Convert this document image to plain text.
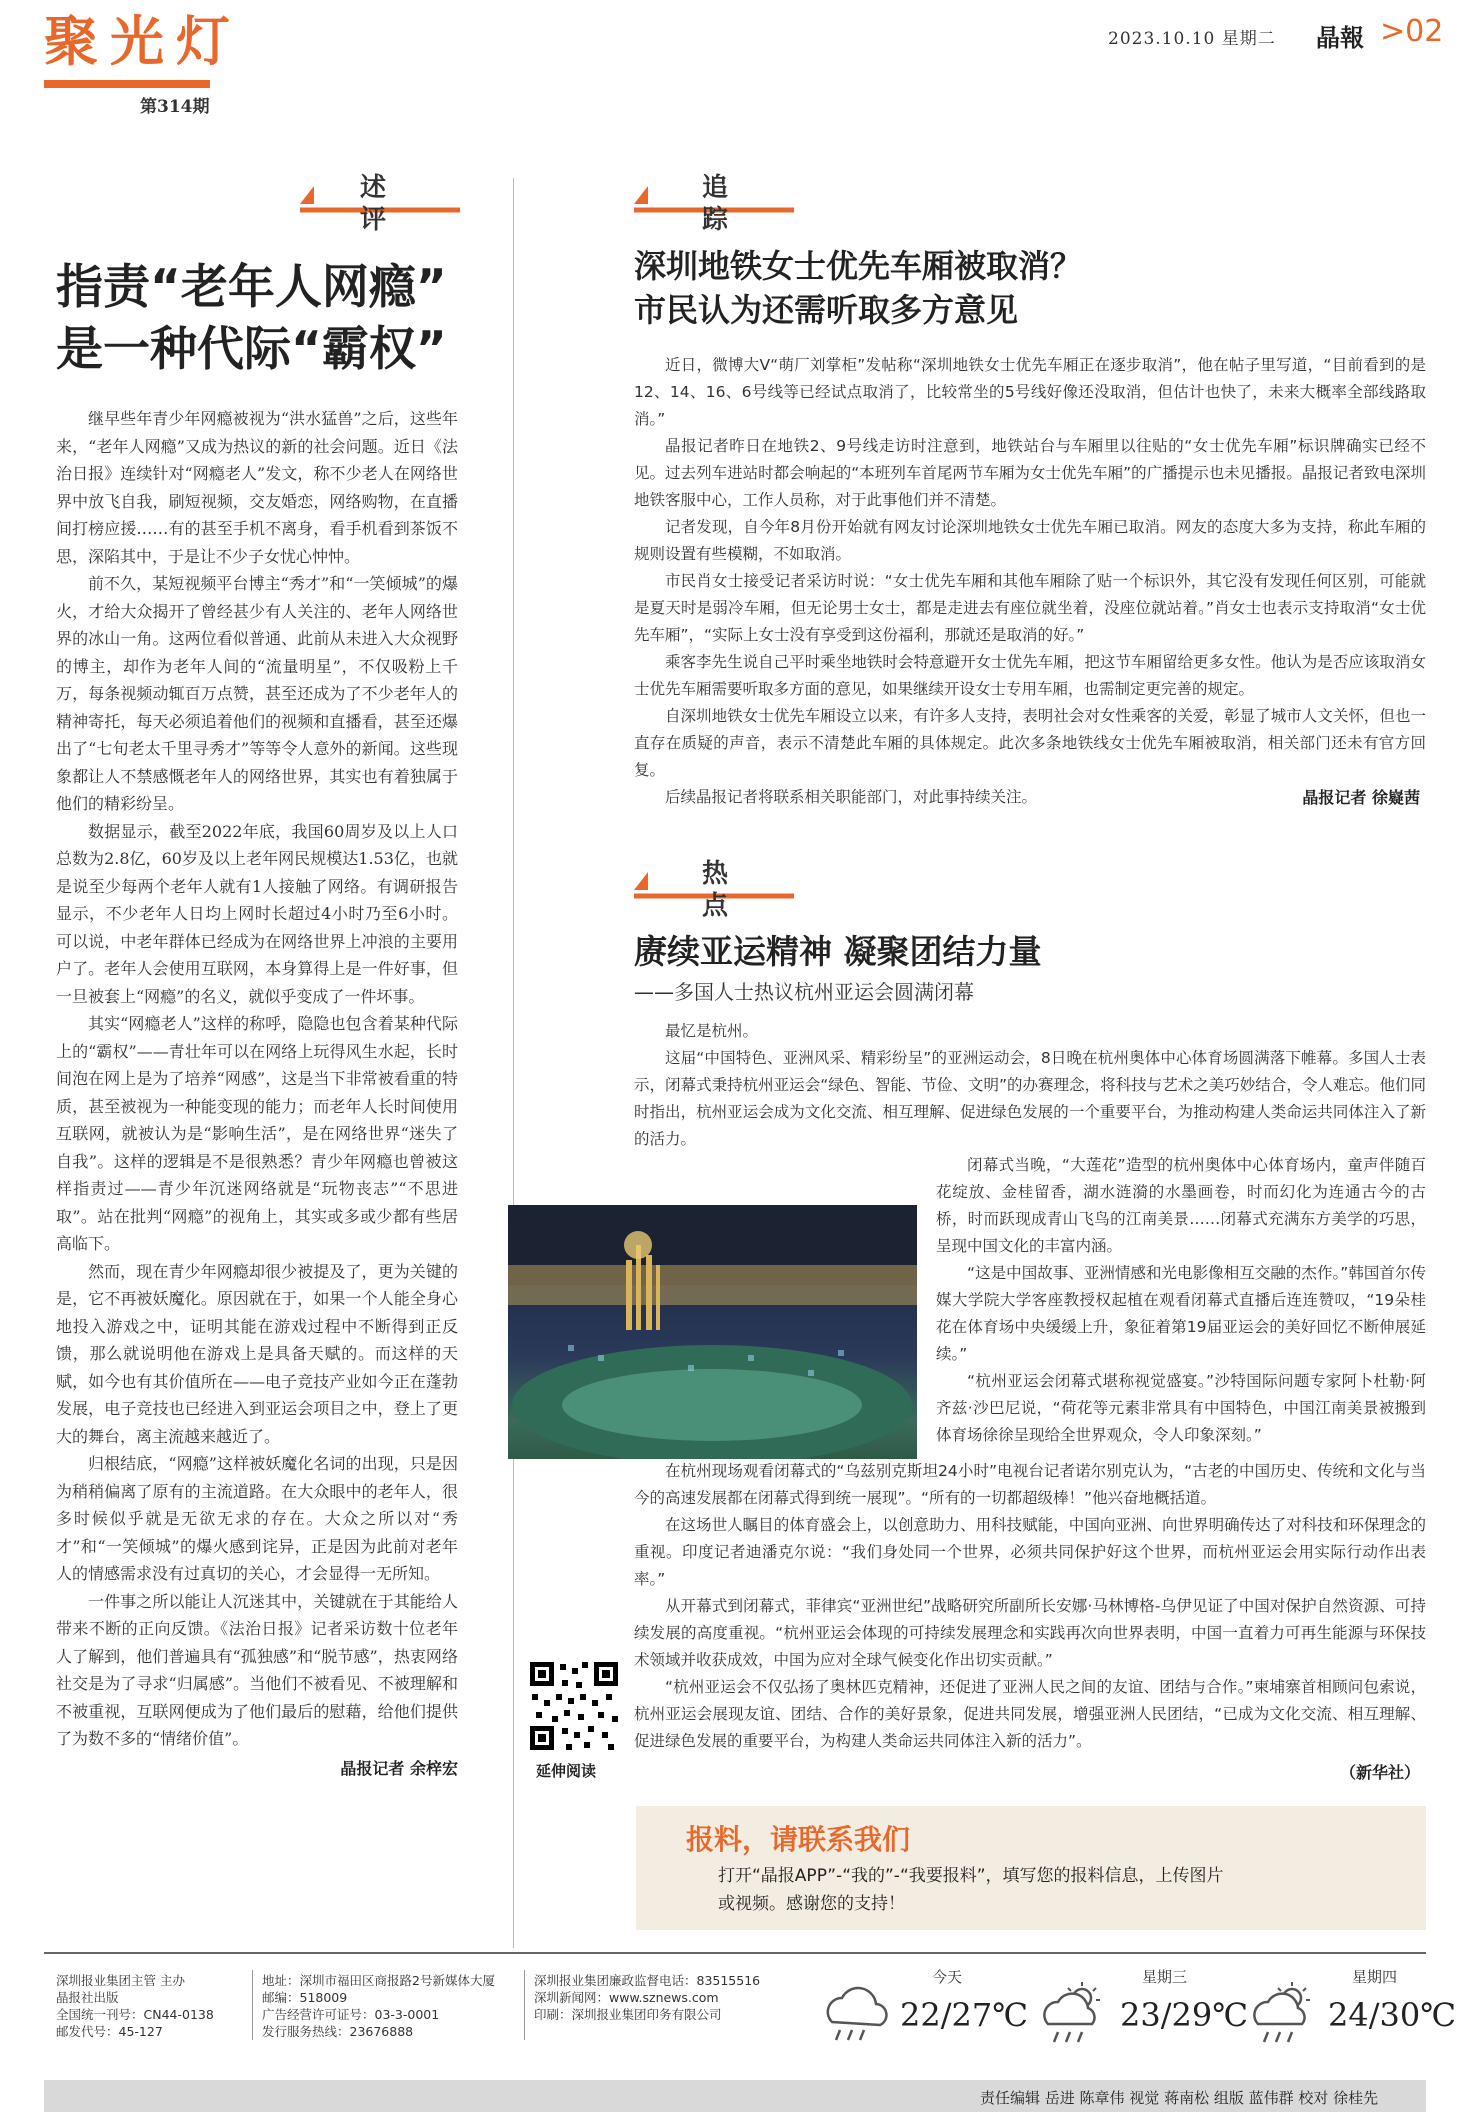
聚光灯
第314期
2023.10.10 星期二 晶報 >02
述 评
指责“老年人网瘾”
是一种代际“霸权”

继早些年青少年网瘾被视为“洪水猛兽”之后，这些年来，“老年人网瘾”又成为热议的新的社会问题。近日《法治日报》连续针对“网瘾老人”发文，称不少老人在网络世界中放飞自我，刷短视频，交友婚恋，网络购物，在直播间打榜应援……有的甚至手机不离身，看手机看到茶饭不思，深陷其中，于是让不少子女忧心忡忡。

前不久，某短视频平台博主“秀才”和“一笑倾城”的爆火，才给大众揭开了曾经甚少有人关注的、老年人网络世界的冰山一角。这两位看似普通、此前从未进入大众视野的博主，却作为老年人间的“流量明星”，不仅吸粉上千万，每条视频动辄百万点赞，甚至还成为了不少老年人的精神寄托，每天必须追着他们的视频和直播看，甚至还爆出了“七旬老太千里寻秀才”等等令人意外的新闻。这些现象都让人不禁感慨老年人的网络世界，其实也有着独属于他们的精彩纷呈。

数据显示，截至2022年底，我国60周岁及以上人口总数为2.8亿，60岁及以上老年网民规模达1.53亿，也就是说至少每两个老年人就有1人接触了网络。有调研报告显示，不少老年人日均上网时长超过4小时乃至6小时。可以说，中老年群体已经成为在网络世界上冲浪的主要用户了。老年人会使用互联网，本身算得上是一件好事，但一旦被套上“网瘾”的名义，就似乎变成了一件坏事。

其实“网瘾老人”这样的称呼，隐隐也包含着某种代际上的“霸权”——青壮年可以在网络上玩得风生水起，长时间泡在网上是为了培养“网感”，这是当下非常被看重的特质，甚至被视为一种能变现的能力；而老年人长时间使用互联网，就被认为是“影响生活”，是在网络世界“迷失了自我”。这样的逻辑是不是很熟悉？青少年网瘾也曾被这样指责过——青少年沉迷网络就是“玩物丧志”“不思进取”。站在批判“网瘾”的视角上，其实或多或少都有些居高临下。

然而，现在青少年网瘾却很少被提及了，更为关键的是，它不再被妖魔化。原因就在于，如果一个人能全身心地投入游戏之中，证明其能在游戏过程中不断得到正反馈，那么就说明他在游戏上是具备天赋的。而这样的天赋，如今也有其价值所在——电子竞技产业如今正在蓬勃发展，电子竞技也已经进入到亚运会项目之中，登上了更大的舞台，离主流越来越近了。

归根结底，“网瘾”这样被妖魔化名词的出现，只是因为稍稍偏离了原有的主流道路。在大众眼中的老年人，很多时候似乎就是无欲无求的存在。大众之所以对“秀才”和“一笑倾城”的爆火感到诧异，正是因为此前对老年人的情感需求没有过真切的关心，才会显得一无所知。

一件事之所以能让人沉迷其中，关键就在于其能给人带来不断的正向反馈。《法治日报》记者采访数十位老年人了解到，他们普遍具有“孤独感”和“脱节感”，热衷网络社交是为了寻求“归属感”。当他们不被看见、不被理解和不被重视，互联网便成为了他们最后的慰藉，给他们提供了为数不多的“情绪价值”。

晶报记者 余梓宏
追 踪
深圳地铁女士优先车厢被取消？
市民认为还需听取多方意见

近日，微博大V“萌厂刘掌柜”发帖称“深圳地铁女士优先车厢正在逐步取消”，他在帖子里写道，“目前看到的是12、14、16、6号线等已经试点取消了，比较常坐的5号线好像还没取消，但估计也快了，未来大概率全部线路取消。”

晶报记者昨日在地铁2、9号线走访时注意到，地铁站台与车厢里以往贴的“女士优先车厢”标识牌确实已经不见。过去列车进站时都会响起的“本班列车首尾两节车厢为女士优先车厢”的广播提示也未见播报。晶报记者致电深圳地铁客服中心，工作人员称，对于此事他们并不清楚。

记者发现，自今年8月份开始就有网友讨论深圳地铁女士优先车厢已取消。网友的态度大多为支持，称此车厢的规则设置有些模糊，不如取消。

市民肖女士接受记者采访时说：“女士优先车厢和其他车厢除了贴一个标识外，其它没有发现任何区别，可能就是夏天时是弱冷车厢，但无论男士女士，都是走进去有座位就坐着，没座位就站着。”肖女士也表示支持取消“女士优先车厢”，“实际上女士没有享受到这份福利，那就还是取消的好。”

乘客李先生说自己平时乘坐地铁时会特意避开女士优先车厢，把这节车厢留给更多女性。他认为是否应该取消女士优先车厢需要听取多方面的意见，如果继续开设女士专用车厢，也需制定更完善的规定。

自深圳地铁女士优先车厢设立以来，有许多人支持，表明社会对女性乘客的关爱，彰显了城市人文关怀，但也一直存在质疑的声音，表示不清楚此车厢的具体规定。此次多条地铁线女士优先车厢被取消，相关部门还未有官方回复。

后续晶报记者将联系相关职能部门，对此事持续关注。	晶报记者 徐嶷茜
热 点
赓续亚运精神 凝聚团结力量
——多国人士热议杭州亚运会圆满闭幕

最忆是杭州。

这届“中国特色、亚洲风采、精彩纷呈”的亚洲运动会，8日晚在杭州奥体中心体育场圆满落下帷幕。多国人士表示，闭幕式秉持杭州亚运会“绿色、智能、节俭、文明”的办赛理念，将科技与艺术之美巧妙结合，令人难忘。他们同时指出，杭州亚运会成为文化交流、相互理解、促进绿色发展的一个重要平台，为推动构建人类命运共同体注入了新的活力。

闭幕式当晚，“大莲花”造型的杭州奥体中心体育场内，童声伴随百花绽放、金桂留香，湖水涟漪的水墨画卷，时而幻化为连通古今的古桥，时而跃现成青山飞鸟的江南美景……闭幕式充满东方美学的巧思，呈现中国文化的丰富内涵。

“这是中国故事、亚洲情感和光电影像相互交融的杰作。”韩国首尔传媒大学院大学客座教授权起植在观看闭幕式直播后连连赞叹，“19朵桂花在体育场中央缓缓上升，象征着第19届亚运会的美好回忆不断伸展延续。”

“杭州亚运会闭幕式堪称视觉盛宴。”沙特国际问题专家阿卜杜勒·阿齐兹·沙巴尼说，“荷花等元素非常具有中国特色，中国江南美景被搬到体育场徐徐呈现给全世界观众，令人印象深刻。”

在杭州现场观看闭幕式的“乌兹别克斯坦24小时”电视台记者诺尔别克认为，“古老的中国历史、传统和文化与当今的高速发展都在闭幕式得到统一展现”。“所有的一切都超级棒！”他兴奋地概括道。

在这场世人瞩目的体育盛会上，以创意助力、用科技赋能，中国向亚洲、向世界明确传达了对科技和环保理念的重视。印度记者迪潘克尔说：“我们身处同一个世界，必须共同保护好这个世界，而杭州亚运会用实际行动作出表率。”

从开幕式到闭幕式，菲律宾“亚洲世纪”战略研究所副所长安娜·马林博格-乌伊见证了中国对保护自然资源、可持续发展的高度重视。“杭州亚运会体现的可持续发展理念和实践再次向世界表明，中国一直着力可再生能源与环保技术领域并收获成效，中国为应对全球气候变化作出切实贡献。”

“杭州亚运会不仅弘扬了奥林匹克精神，还促进了亚洲人民之间的友谊、团结与合作。”柬埔寨首相顾问包索说，杭州亚运会展现友谊、团结、合作的美好景象，促进共同发展，增强亚洲人民团结，“已成为文化交流、相互理解、促进绿色发展的重要平台，为构建人类命运共同体注入新的活力”。

延伸阅读	（新华社）
报料，请联系我们
打开“晶报APP”-“我的”-“我要报料”，填写您的报料信息，上传图片
或视频。感谢您的支持！
深圳报业集团主管 主办
晶报社出版
全国统一刊号：CN44-0138
邮发代号：45-127
地址：深圳市福田区商报路2号新媒体大厦
邮编：518009
广告经营许可证号：03-3-0001
发行服务热线：23676888
深圳报业集团廉政监督电话：83515516
深圳新闻网：www.sznews.com
印刷：深圳报业集团印务有限公司
今天
22/27℃
星期三
23/29℃
星期四
24/30℃
责任编辑 岳进 陈章伟 视觉 蒋南松 组版 蓝伟群 校对 徐桂先
